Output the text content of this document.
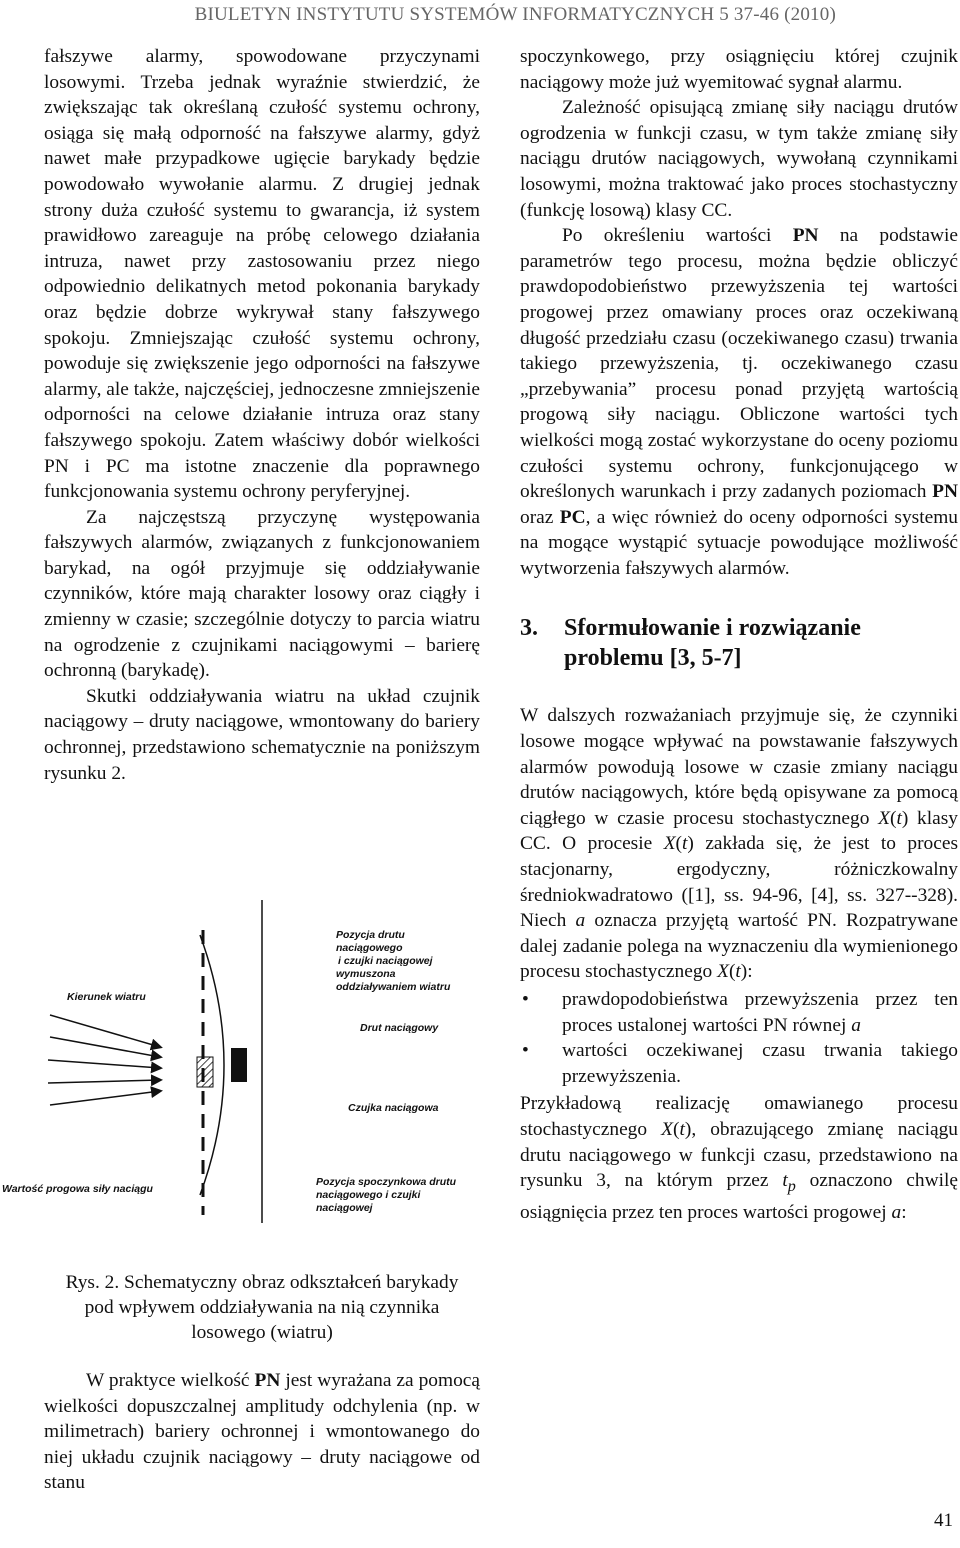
BIULETYN INSTYTUTU SYSTEMÓW INFORMATYCZNYCH 5 37-46 (2010)

fałszywe alarmy, spowodowane przyczynami losowymi. Trzeba jednak wyraźnie stwierdzić, że zwiększając tak określaną czułość systemu ochrony, osiąga się małą odporność na fałszywe alarmy, gdyż nawet małe przypadkowe ugięcie barykady będzie powodowało wywołanie alarmu. Z drugiej jednak strony duża czułość systemu to gwarancja, iż system prawidłowo zareaguje na próbę celowego działania intruza, nawet przy zastosowaniu przez niego odpowiednio delikatnych metod pokonania barykady oraz będzie dobrze wykrywał stany fałszywego spokoju. Zmniejszając czułość systemu ochrony, powoduje się zwiększenie jego odporności na fałszywe alarmy, ale także, najczęściej, jednoczesne zmniejszenie odporności na celowe działanie intruza oraz stany fałszywego spokoju. Zatem właściwy dobór wielkości PN i PC ma istotne znaczenie dla poprawnego funkcjonowania systemu ochrony peryferyjnej.

Za najczęstszą przyczynę występowania fałszywych alarmów, związanych z funkcjonowaniem barykad, na ogół przyjmuje się oddziaływanie czynników, które mają charakter losowy oraz ciągły i zmienny w czasie; szczególnie dotyczy to parcia wiatru na ogrodzenie z czujnikami naciągowymi – barierę ochronną (barykadę).

Skutki oddziaływania wiatru na układ czujnik naciągowy – druty naciągowe, wmontowany do bariery ochronnej, przedstawiono schematycznie na poniższym rysunku 2.

Kierunek wiatru
Wartość progowa siły naciągu
Pozycja drutu
naciągowego
i czujki naciągowej
wymuszona
oddziaływaniem wiatru
Drut naciągowy
Czujka naciągowa
Pozycja spoczynkowa drutu
naciągowego i czujki
naciągowej
Rys. 2. Schematyczny obraz odkształceń barykady
pod wpływem oddziaływania na nią czynnika
losowego (wiatru)

W praktyce wielkość PN jest wyrażana za pomocą wielkości dopuszczalnej amplitudy odchylenia (np. w milimetrach) bariery ochronnej i wmontowanego do niej układu czujnik naciągowy – druty naciągowe od stanu

spoczynkowego, przy osiągnięciu której czujnik naciągowy może już wyemitować sygnał alarmu.

Zależność opisującą zmianę siły naciągu drutów ogrodzenia w funkcji czasu, w tym także zmianę siły naciągu drutów naciągowych, wywołaną czynnikami losowymi, można traktować jako proces stochastyczny (funkcję losową) klasy CC.

Po określeniu wartości PN na podstawie parametrów tego procesu, można będzie obliczyć prawdopodobieństwo przewyższenia tej wartości progowej przez omawiany proces oraz oczekiwaną długość przedziału czasu (oczekiwanego czasu) trwania takiego przewyższenia, tj. oczekiwanego czasu „przebywania” procesu ponad przyjętą wartością progową siły naciągu. Obliczone wartości tych wielkości mogą zostać wykorzystane do oceny poziomu czułości systemu ochrony, funkcjonującego w określonych warunkach i przy zadanych poziomach PN oraz PC, a więc również do oceny odporności systemu na mogące wystąpić sytuacje powodujące możliwość wytworzenia fałszywych alarmów.

3.	Sformułowanie i rozwiązanie problemu [3, 5-7]

W dalszych rozważaniach przyjmuje się, że czynniki losowe mogące wpływać na powstawanie fałszywych alarmów powodują losowe w czasie zmiany naciągu drutów naciągowych, które będą opisywane za pomocą ciągłego w czasie procesu stochastycznego X(t) klasy CC. O procesie X(t) zakłada się, że jest to proces stacjonarny, ergodyczny, różniczkowalny średniokwadratowo ([1], ss. 94-96, [4], ss. 327--328). Niech a oznacza przyjętą wartość PN. Rozpatrywane dalej zadanie polega na wyznaczeniu dla wymienionego procesu stochastycznego X(t):

• prawdopodobieństwa przewyższenia przez ten proces ustalonej wartości PN równej a
• wartości oczekiwanej czasu trwania takiego przewyższenia.

Przykładową realizację omawianego procesu stochastycznego X(t), obrazującego zmianę naciągu drutu naciągowego w funkcji czasu, przedstawiono na rysunku 3, na którym przez $t_p$ oznaczono chwilę osiągnięcia przez ten proces wartości progowej a:

41
